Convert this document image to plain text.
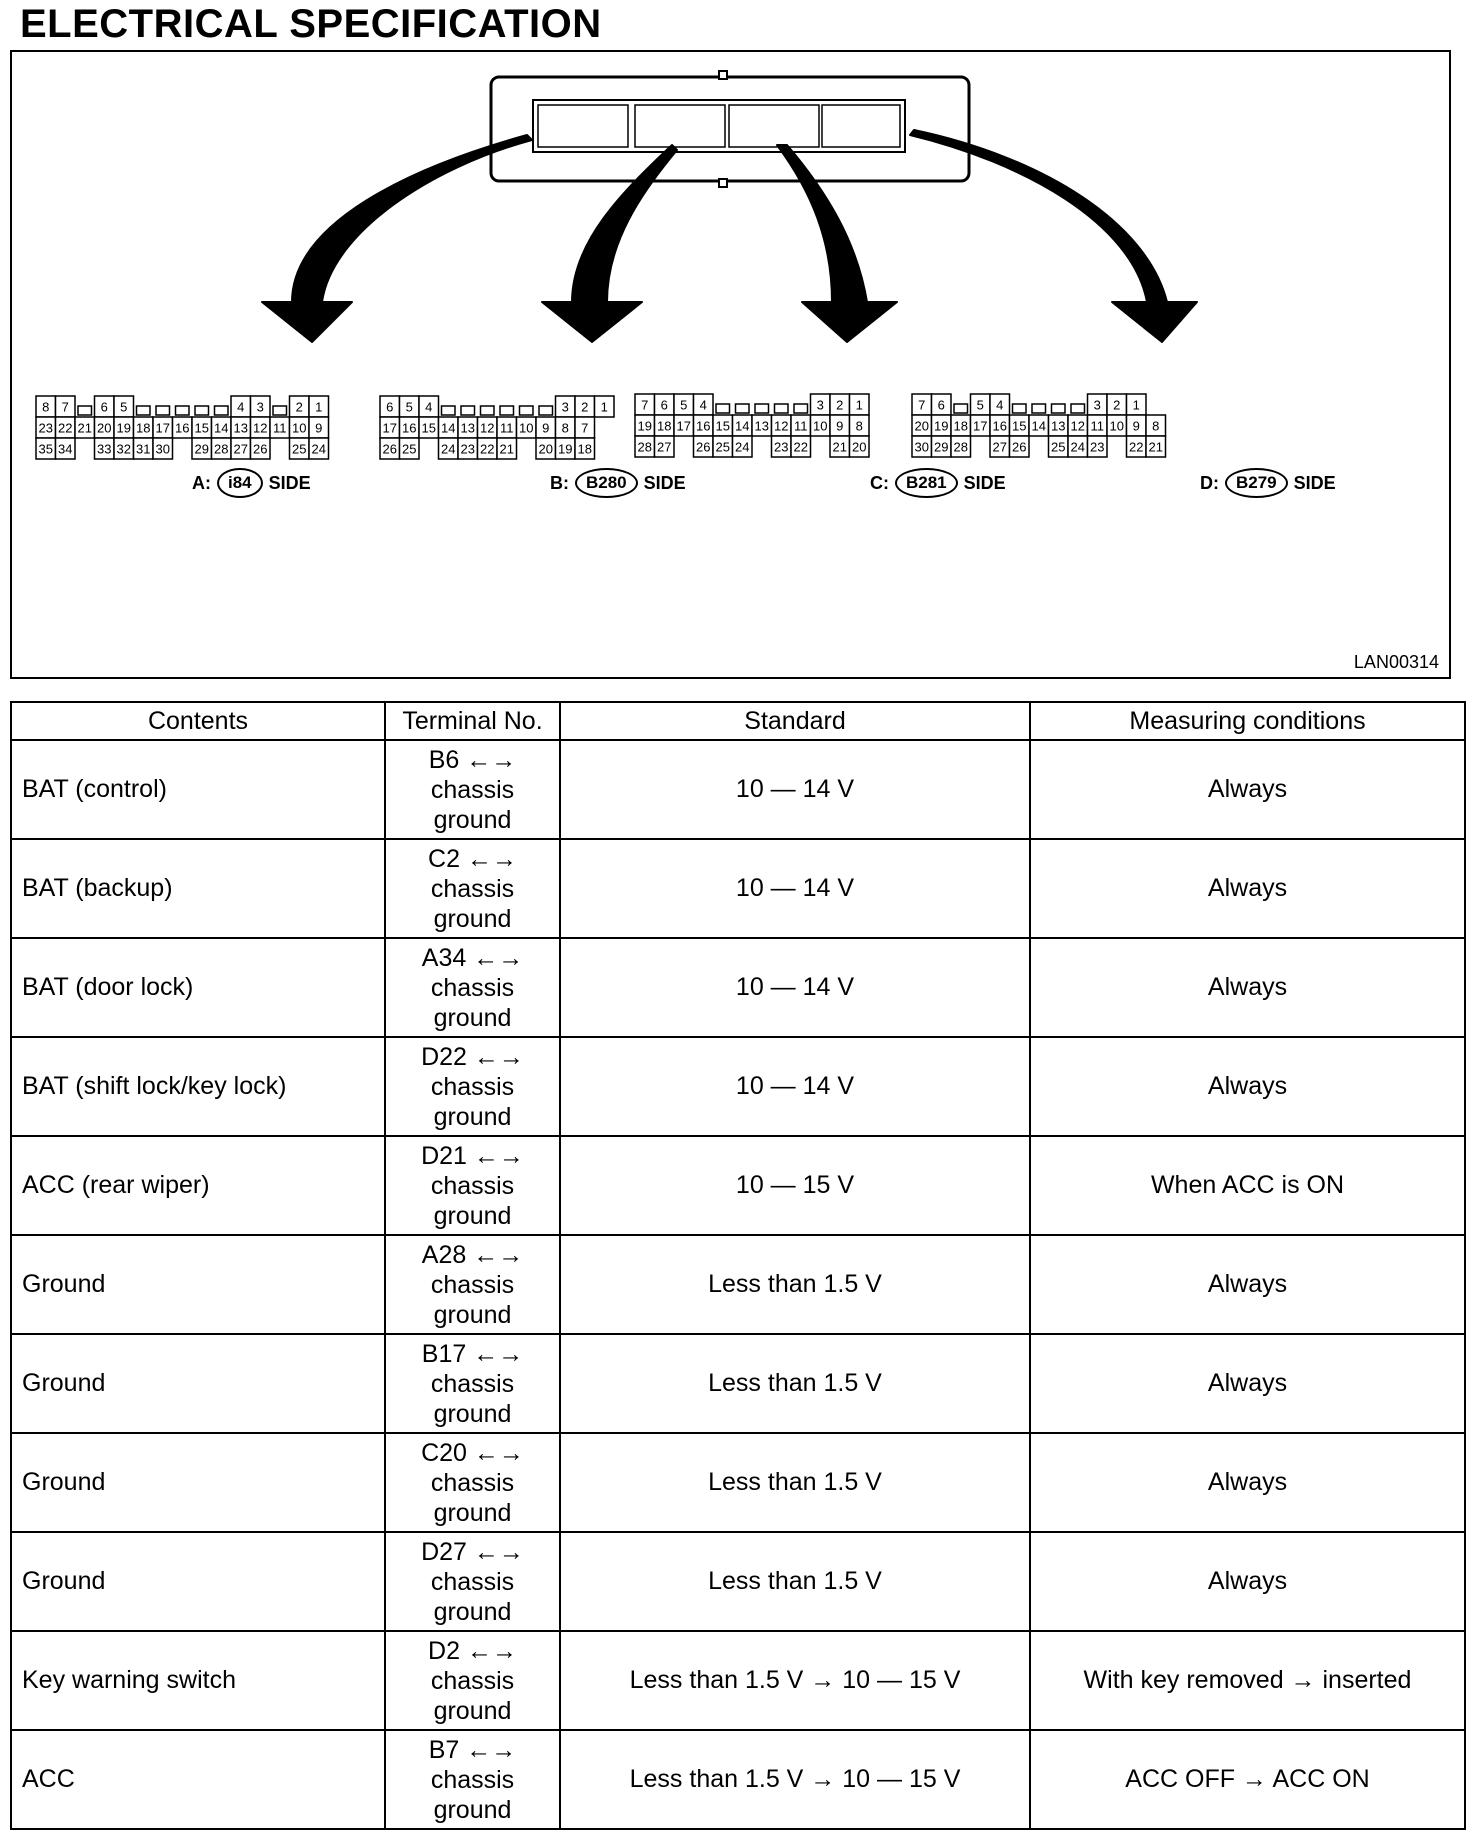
ELECTRICAL SPECIFICATION
8 7 6 5	4 3 2 1
23 22 21 20 19 18 17 16 15 14 13 12 11 10 9
35 34 33 32 31 30 29 28 27 26 25 24
6 5 4	3 2 1
17 16 15 14 13 12 11 10 9 8 7
26 25 24 23 22 21 20 19 18
7 6 5 4	3 2 1
19 18 17 16 15 14 13 12 11 10 9 8
28 27 26 25 24 23 22 21 20
7 6 5 4	3 2 1
20 19 18 17 16 15 14 13 12 11 10 9 8
30 29 28 27 26 25 24 23 22 21
A:	i84 SIDE	B:	B280 SIDE	C:	B281 SIDE	D:	B279 SIDE
LAN00314
Contents	Terminal No.	Standard	Measuring conditions
BAT (control)	B6 ←→
chassis
ground	10 — 14 V	Always
BAT (backup)	C2 ←→
chassis
ground	10 — 14 V	Always
BAT (door lock)	A34 ←→
chassis
ground	10 — 14 V	Always
BAT (shift lock/key lock)	D22 ←→
chassis
ground	10 — 14 V	Always
ACC (rear wiper)	D21 ←→
chassis
ground	10 — 15 V	When ACC is ON
Ground	A28 ←→
chassis
ground	Less than 1.5 V	Always
Ground	B17 ←→
chassis
ground	Less than 1.5 V	Always
Ground	C20 ←→
chassis
ground	Less than 1.5 V	Always
Ground	D27 ←→
chassis
ground	Less than 1.5 V	Always
Key warning switch	D2 ←→
chassis
ground	Less than 1.5 V → 10 — 15 V	With key removed → inserted
ACC	B7 ←→
chassis
ground	Less than 1.5 V → 10 — 15 V	ACC OFF → ACC ON
